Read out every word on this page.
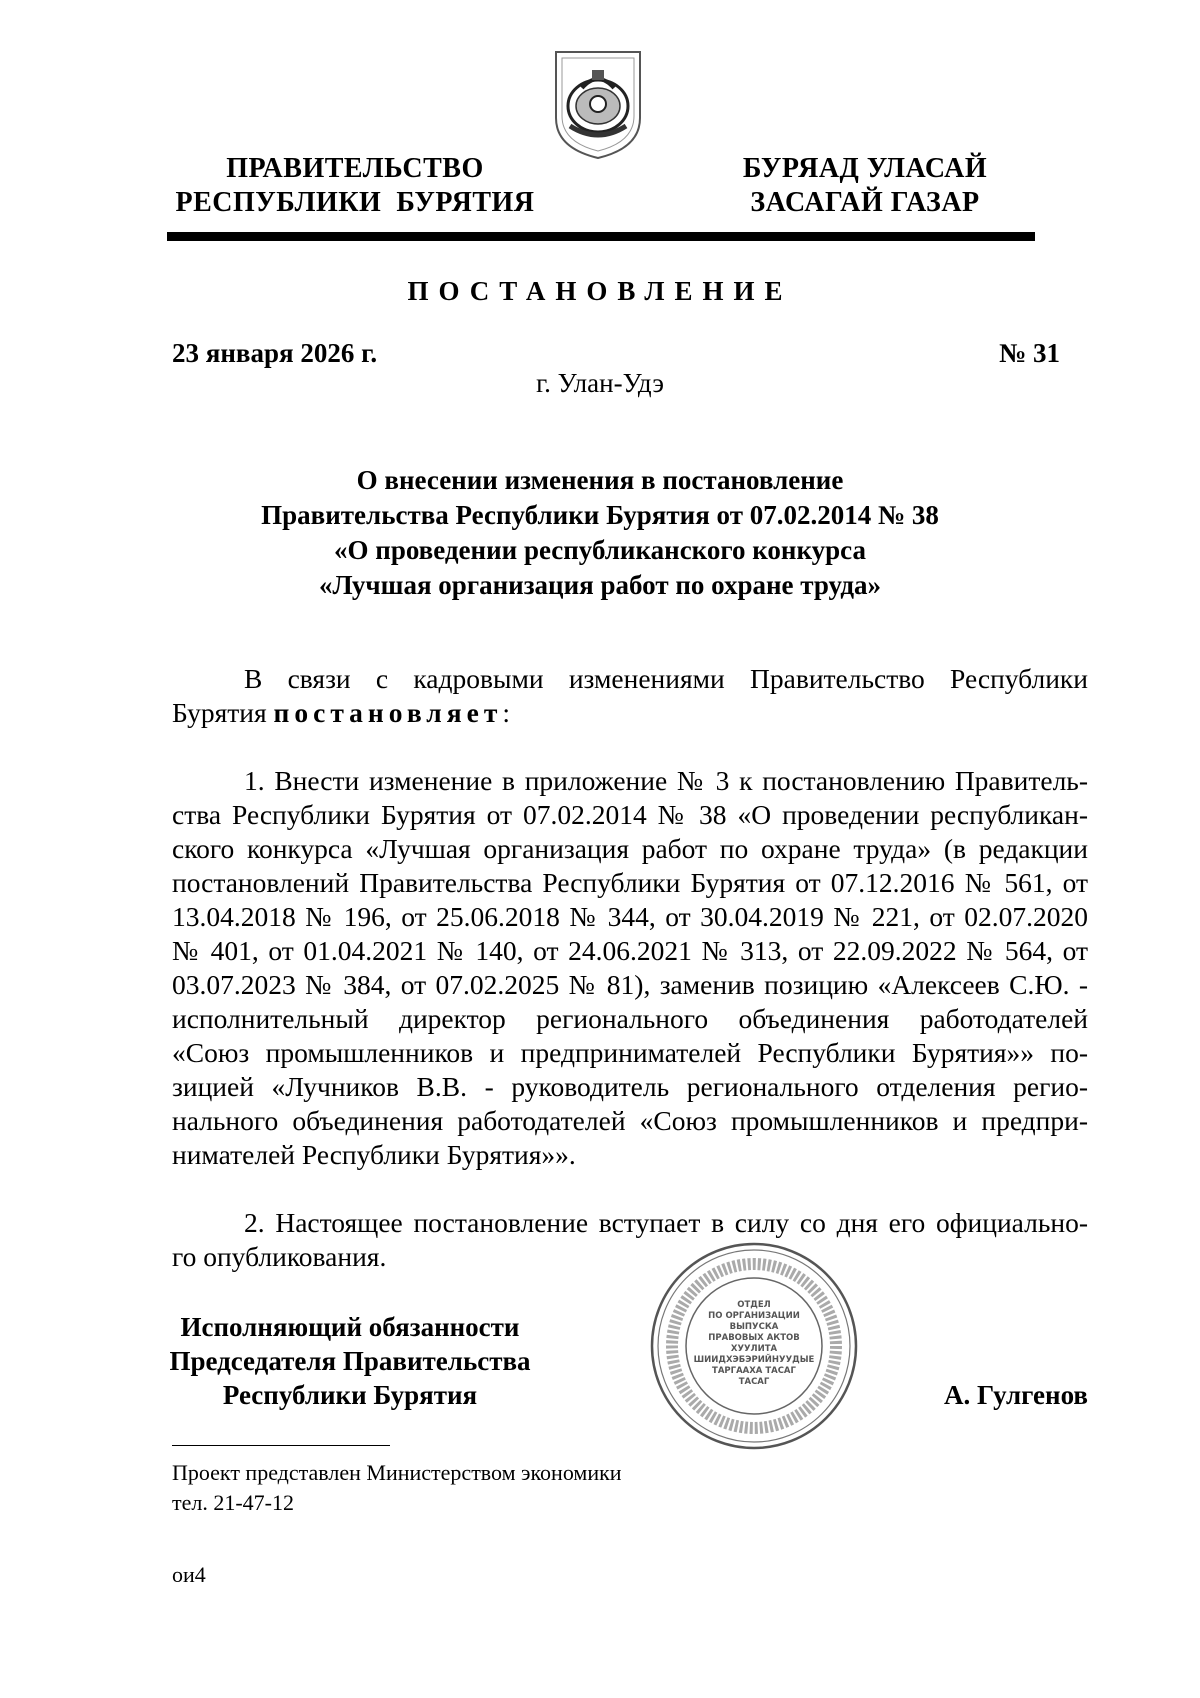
ПРАВИТЕЛЬСТВО
РЕСПУБЛИКИ  БУРЯТИЯ
БУРЯАД УЛАСАЙ
ЗАСАГАЙ ГАЗАР
ПОСТАНОВЛЕНИЕ
23 января 2026 г.	№ 31
г. Улан-Удэ
О внесении изменения в постановление
Правительства Республики Бурятия от 07.02.2014 № 38
«О проведении республиканского конкурса
«Лучшая организация работ по охране труда»
В связи с кадровыми изменениями Правительство Республики
Бурятия постановляет:
1. Внести изменение в приложение № 3 к постановлению Правитель-
ства Республики Бурятия от 07.02.2014 № 38 «О проведении республикан-
ского конкурса «Лучшая организация работ по охране труда» (в редакции
постановлений Правительства Республики Бурятия от 07.12.2016 № 561, от
13.04.2018 № 196, от 25.06.2018 № 344, от 30.04.2019 № 221, от 02.07.2020
№ 401, от 01.04.2021 № 140, от 24.06.2021 № 313, от 22.09.2022 № 564, от
03.07.2023 № 384, от 07.02.2025 № 81), заменив позицию «Алексеев С.Ю. -
исполнительный директор регионального объединения работодателей
«Союз промышленников и предпринимателей Республики Бурятия»» по-
зицией «Лучников В.В. - руководитель регионального отделения регио-
нального объединения работодателей «Союз промышленников и предпри-
нимателей Республики Бурятия»».
2. Настоящее постановление вступает в силу со дня его официально-
го опубликования.
ОТДЕЛ
ПО ОРГАНИЗАЦИИ
ВЫПУСКА
ПРАВОВЫХ АКТОВ
ХУУЛИТА
ШИИДХЭБЭРИЙНУУДЫЕ
ТАРГААХА ТАСАГ
ТАСАГ
Исполняющий обязанности
Председателя Правительства
Республики Бурятия	А. Гулгенов
Проект представлен Министерством экономики
тел. 21-47-12
ои4
